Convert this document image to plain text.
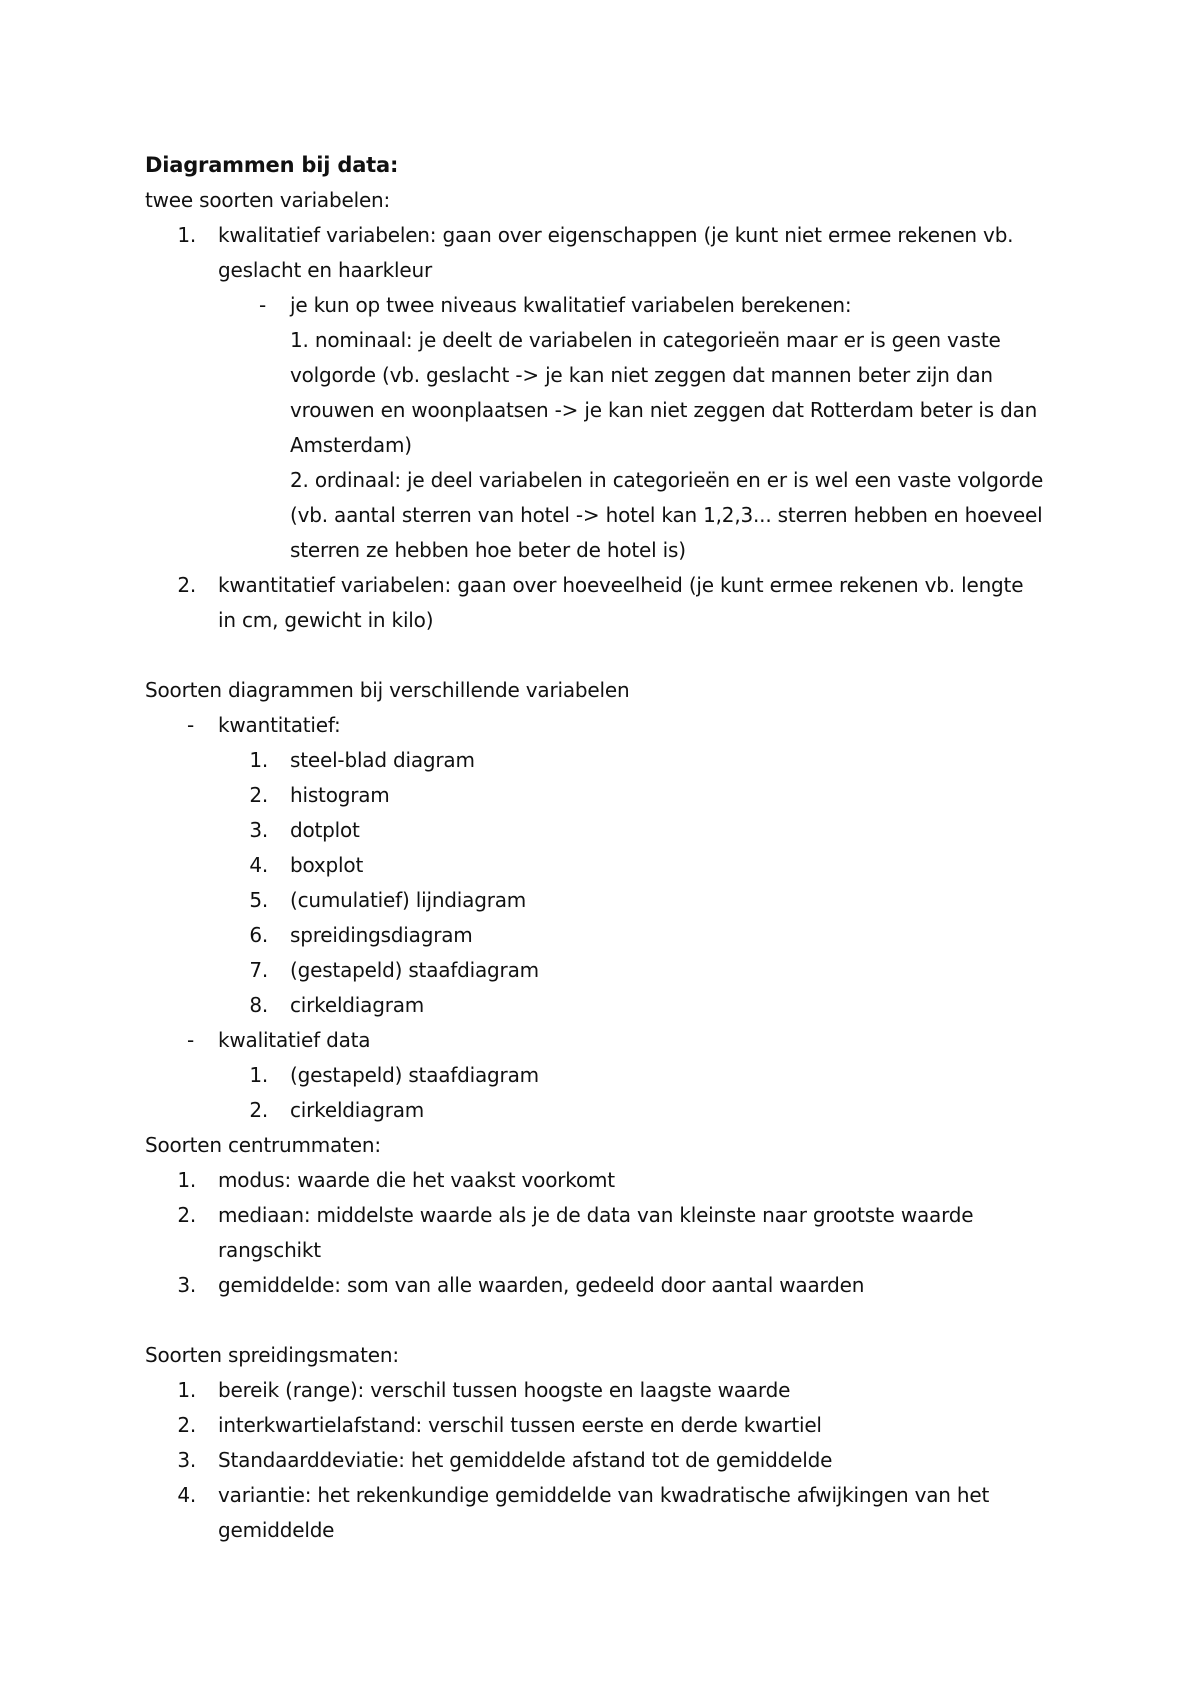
Diagrammen bij data:
twee soorten variabelen:
1. kwalitatief variabelen: gaan over eigenschappen (je kunt niet ermee rekenen vb.
geslacht en haarkleur
- je kun op twee niveaus kwalitatief variabelen berekenen:
1. nominaal: je deelt de variabelen in categorieën maar er is geen vaste
volgorde (vb. geslacht -> je kan niet zeggen dat mannen beter zijn dan
vrouwen en woonplaatsen -> je kan niet zeggen dat Rotterdam beter is dan
Amsterdam)
2. ordinaal: je deel variabelen in categorieën en er is wel een vaste volgorde
(vb. aantal sterren van hotel -> hotel kan 1,2,3... sterren hebben en hoeveel
sterren ze hebben hoe beter de hotel is)
2. kwantitatief variabelen: gaan over hoeveelheid (je kunt ermee rekenen vb. lengte
in cm, gewicht in kilo)
Soorten diagrammen bij verschillende variabelen
- kwantitatief:
1. steel-blad diagram
2. histogram
3. dotplot
4. boxplot
5. (cumulatief) lijndiagram
6. spreidingsdiagram
7. (gestapeld) staafdiagram
8. cirkeldiagram
- kwalitatief data
1. (gestapeld) staafdiagram
2. cirkeldiagram
Soorten centrummaten:
1. modus: waarde die het vaakst voorkomt
2. mediaan: middelste waarde als je de data van kleinste naar grootste waarde
rangschikt
3. gemiddelde: som van alle waarden, gedeeld door aantal waarden
Soorten spreidingsmaten:
1. bereik (range): verschil tussen hoogste en laagste waarde
2. interkwartielafstand: verschil tussen eerste en derde kwartiel
3. Standaarddeviatie: het gemiddelde afstand tot de gemiddelde
4. variantie: het rekenkundige gemiddelde van kwadratische afwijkingen van het
gemiddelde
